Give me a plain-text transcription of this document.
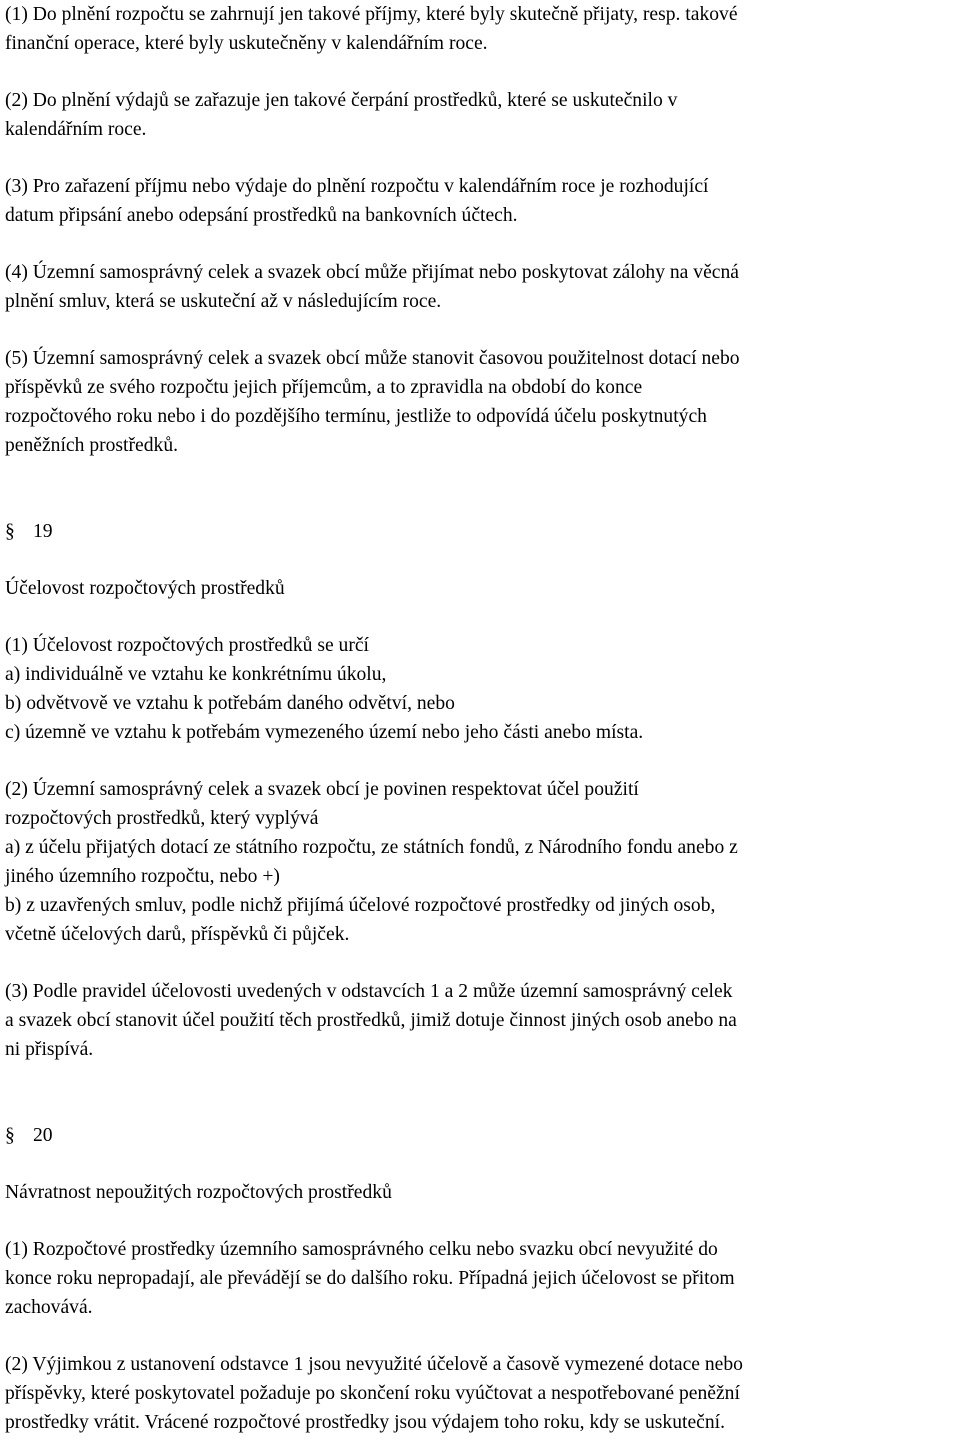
(1) Do plnění rozpočtu se zahrnují jen takové příjmy, které byly skutečně přijaty, resp. takové
finanční operace, které byly uskutečněny v kalendářním roce.
(2) Do plnění výdajů se zařazuje jen takové čerpání prostředků, které se uskutečnilo v
kalendářním roce.
(3) Pro zařazení příjmu nebo výdaje do plnění rozpočtu v kalendářním roce je rozhodující
datum připsání anebo odepsání prostředků na bankovních účtech.
(4) Územní samosprávný celek a svazek obcí může přijímat nebo poskytovat zálohy na věcná
plnění smluv, která se uskuteční až v následujícím roce.
(5) Územní samosprávný celek a svazek obcí může stanovit časovou použitelnost dotací nebo
příspěvků ze svého rozpočtu jejich příjemcům, a to zpravidla na období do konce
rozpočtového roku nebo i do pozdějšího termínu, jestliže to odpovídá účelu poskytnutých
peněžních prostředků.
§ 19
Účelovost rozpočtových prostředků
(1) Účelovost rozpočtových prostředků se určí
a) individuálně ve vztahu ke konkrétnímu úkolu,
b) odvětvově ve vztahu k potřebám daného odvětví, nebo
c) územně ve vztahu k potřebám vymezeného území nebo jeho části anebo místa.
(2) Územní samosprávný celek a svazek obcí je povinen respektovat účel použití
rozpočtových prostředků, který vyplývá
a) z účelu přijatých dotací ze státního rozpočtu, ze státních fondů, z Národního fondu anebo z
jiného územního rozpočtu, nebo +)
b) z uzavřených smluv, podle nichž přijímá účelové rozpočtové prostředky od jiných osob,
včetně účelových darů, příspěvků či půjček.
(3) Podle pravidel účelovosti uvedených v odstavcích 1 a 2 může územní samosprávný celek
a svazek obcí stanovit účel použití těch prostředků, jimiž dotuje činnost jiných osob anebo na
ni přispívá.
§ 20
Návratnost nepoužitých rozpočtových prostředků
(1) Rozpočtové prostředky územního samosprávného celku nebo svazku obcí nevyužité do
konce roku nepropadají, ale převádějí se do dalšího roku. Případná jejich účelovost se přitom
zachovává.
(2) Výjimkou z ustanovení odstavce 1 jsou nevyužité účelově a časově vymezené dotace nebo
příspěvky, které poskytovatel požaduje po skončení roku vyúčtovat a nespotřebované peněžní
prostředky vrátit. Vrácené rozpočtové prostředky jsou výdajem toho roku, kdy se uskuteční.
